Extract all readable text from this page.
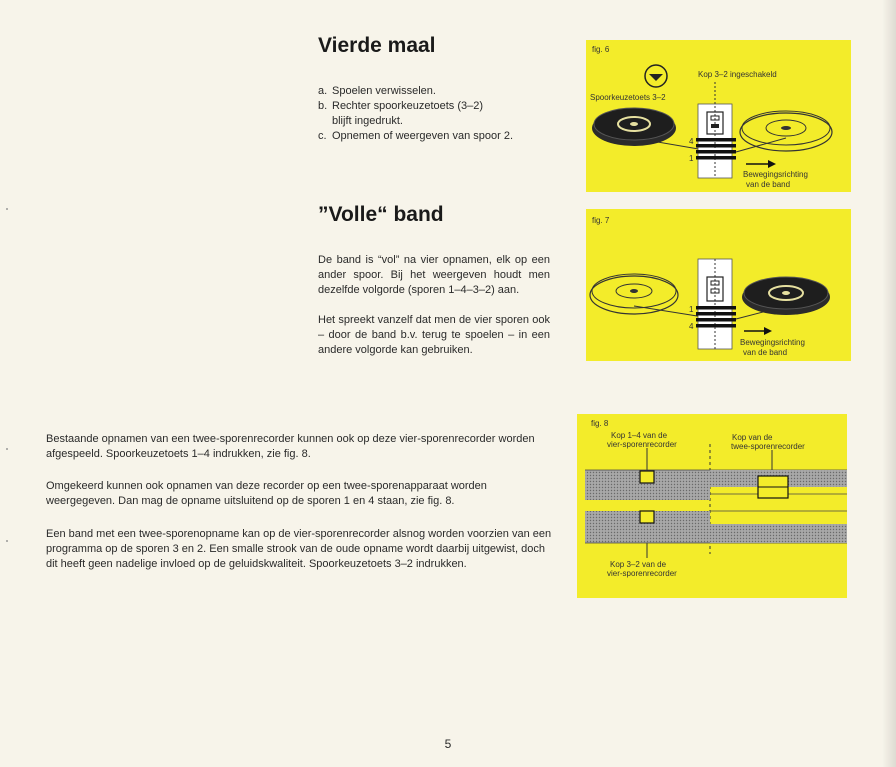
Vierde maal
a. Spoelen verwisselen.
b. Rechter spoorkeuzetoets (3–2)
blijft ingedrukt.
c. Opnemen of weergeven van spoor 2.
”Volle“ band

De band is “vol” na vier opnamen, elk op een ander spoor. Bij het weergeven houdt men dezelfde volgorde (sporen 1–4–3–2) aan.

Het spreekt vanzelf dat men de vier sporen ook – door de band b.v. terug te spoelen – in een andere volgorde kan gebruiken.

Bestaande opnamen van een twee-sporenrecorder kunnen ook op deze vier-sporenrecorder worden afgespeeld. Spoorkeuzetoets 1–4 indrukken, zie fig. 8.

Omgekeerd kunnen ook opnamen van deze recorder op een twee-sporenapparaat worden weergegeven. Dan mag de opname uitsluitend op de sporen 1 en 4 staan, zie fig. 8.

Een band met een twee-sporenopname kan op de vier-sporenrecorder alsnog worden voorzien van een programma op de sporen 3 en 2. Een smalle strook van de oude opname wordt daarbij uitgewist, doch dit heeft geen nadelige invloed op de geluidskwaliteit. Spoorkeuzetoets 3–2 indrukken.

fig. 6
Kop 3–2 ingeschakeld
Spoorkeuzetoets 3–2
Bewegingsrichting
van de band
4
1
fig. 7
Bewegingsrichting
van de band
1
4
fig. 8
Kop 1–4 van de
vier-sporenrecorder
Kop van de
twee-sporenrecorder
Kop 3–2 van de
vier-sporenrecorder
5
